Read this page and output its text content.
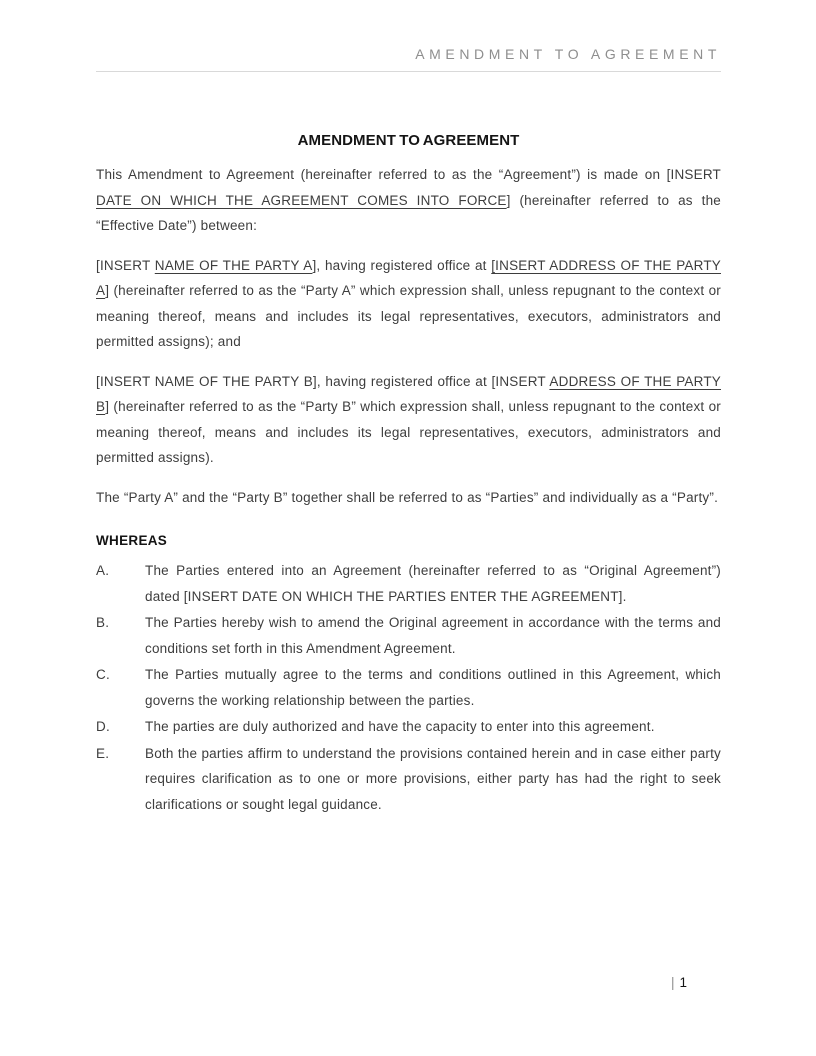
AMENDMENT TO AGREEMENT
AMENDMENT TO AGREEMENT

This Amendment to Agreement (hereinafter referred to as the “Agreement”) is made on [INSERT DATE ON WHICH THE AGREEMENT COMES INTO FORCE] (hereinafter referred to as the “Effective Date”) between:

[INSERT NAME OF THE PARTY A], having registered office at [INSERT ADDRESS OF THE PARTY A] (hereinafter referred to as the “Party A” which expression shall, unless repugnant to the context or meaning thereof, means and includes its legal representatives, executors, administrators and permitted assigns); and

[INSERT NAME OF THE PARTY B], having registered office at [INSERT ADDRESS OF THE PARTY B] (hereinafter referred to as the “Party B” which expression shall, unless repugnant to the context or meaning thereof, means and includes its legal representatives, executors, administrators and permitted assigns).

The “Party A” and the “Party B” together shall be referred to as “Parties” and individually as a “Party”.

WHEREAS
A.	The Parties entered into an Agreement (hereinafter referred to as “Original Agreement”) dated [INSERT DATE ON WHICH THE PARTIES ENTER THE AGREEMENT].
B.	The Parties hereby wish to amend the Original agreement in accordance with the terms and conditions set forth in this Amendment Agreement.
C.	The Parties mutually agree to the terms and conditions outlined in this Agreement, which governs the working relationship between the parties.
D.	The parties are duly authorized and have the capacity to enter into this agreement.
E.	Both the parties affirm to understand the provisions contained herein and in case either party requires clarification as to one or more provisions, either party has had the right to seek clarifications or sought legal guidance.
| 1
